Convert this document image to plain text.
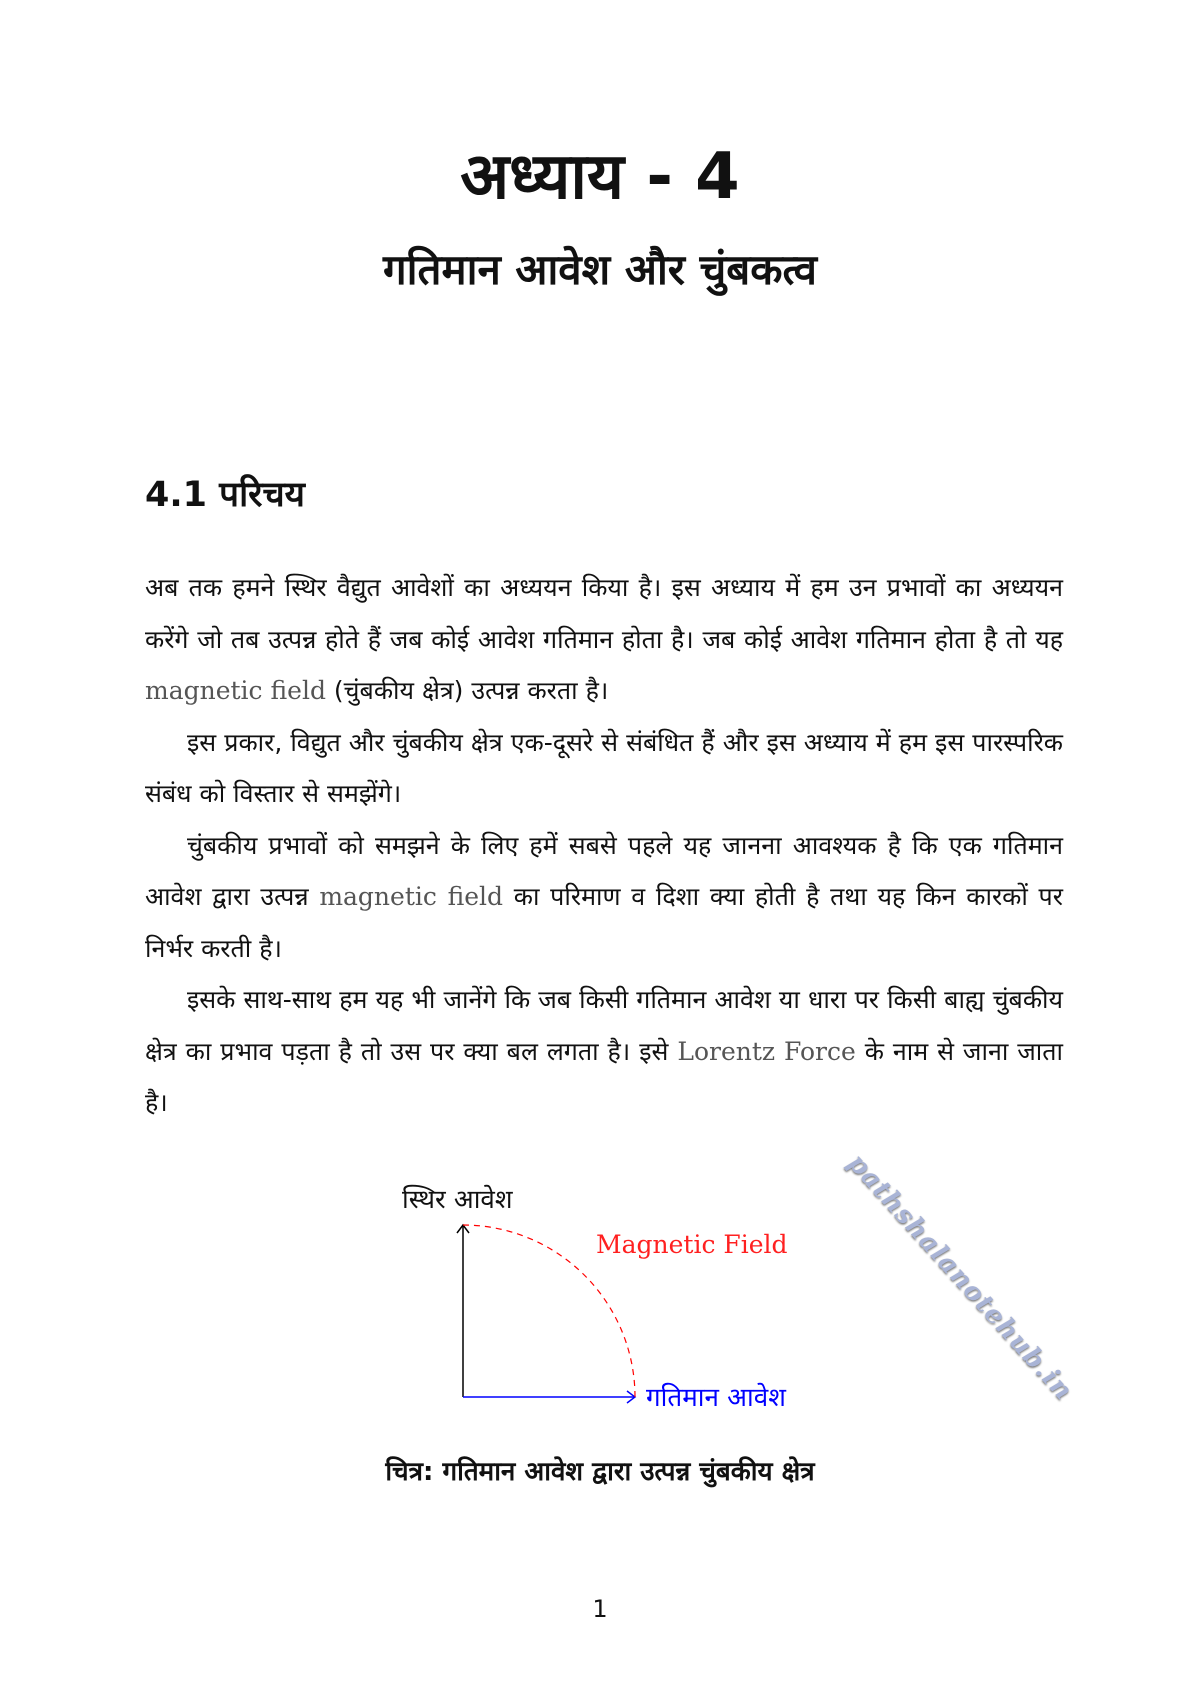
अध्याय - 4
गतिमान आवेश और चुंबकत्व
4.1 परिचय

अब तक हमने स्थिर वैद्युत आवेशों का अध्ययन किया है। इस अध्याय में हम उन प्रभावों का अध्ययन करेंगे जो तब उत्पन्न होते हैं जब कोई आवेश गतिमान होता है। जब कोई आवेश गतिमान होता है तो यह magnetic field (चुंबकीय क्षेत्र) उत्पन्न करता है।

इस प्रकार, विद्युत और चुंबकीय क्षेत्र एक-दूसरे से संबंधित हैं और इस अध्याय में हम इस पारस्परिक संबंध को विस्तार से समझेंगे।

चुंबकीय प्रभावों को समझने के लिए हमें सबसे पहले यह जानना आवश्यक है कि एक गतिमान आवेश द्वारा उत्पन्न magnetic field का परिमाण व दिशा क्या होती है तथा यह किन कारकों पर निर्भर करती है।

इसके साथ-साथ हम यह भी जानेंगे कि जब किसी गतिमान आवेश या धारा पर किसी बाह्य चुंबकीय क्षेत्र का प्रभाव पड़ता है तो उस पर क्या बल लगता है। इसे Lorentz Force के नाम से जाना जाता है।

pathshalanotehub.in
स्थिर आवेश
Magnetic Field
गतिमान आवेश
चित्र: गतिमान आवेश द्वारा उत्पन्न चुंबकीय क्षेत्र
1
